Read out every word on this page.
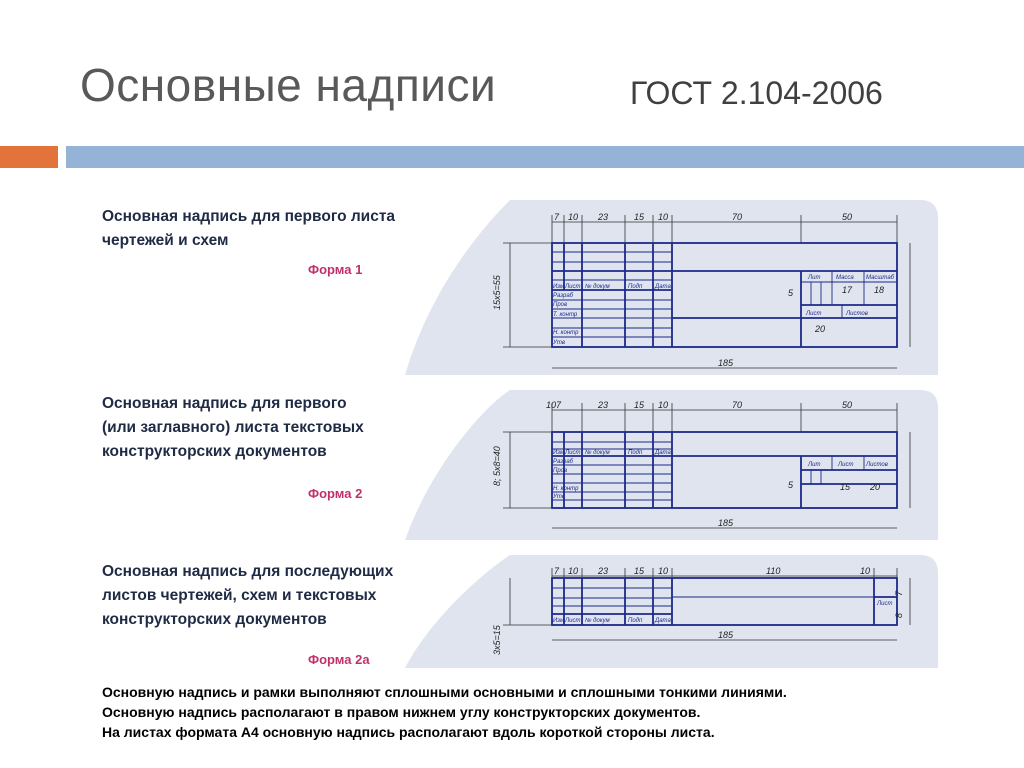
Основные надписи	ГОСТ 2.104-2006
Основная надпись для первого листа
чертежей и схем
Форма 1
Основная надпись для первого
(или заглавного) листа текстовых
конструкторских документов
Форма 2
Основная надпись для последующих
листов чертежей, схем и текстовых
конструкторских документов
Форма 2а
7 10 23	15 10	70	50
185
15х5=55
107	23	15 10	70	50
185
8; 5х8=40
7 10 23	15 10	110	10
185
3х5=15
Изм Лист № докум	Подп Дата
Разраб
Пров
Т. контр
Н. контр
Утв
Лит	Масса Масштаб
Лист	Листов
Изм Лист № докум	Подп Дата
Разраб
Пров
Н. контр
Утв
Лит	Лист Листов
Изм Лист № докум	Подп Дата
Лист
5	17 18
20
5	15 20
7
8
Основную надпись и рамки выполняют сплошными основными и сплошными тонкими линиями.
Основную надпись располагают в правом нижнем углу конструкторских документов.
На листах формата А4 основную надпись располагают вдоль короткой стороны листа.
